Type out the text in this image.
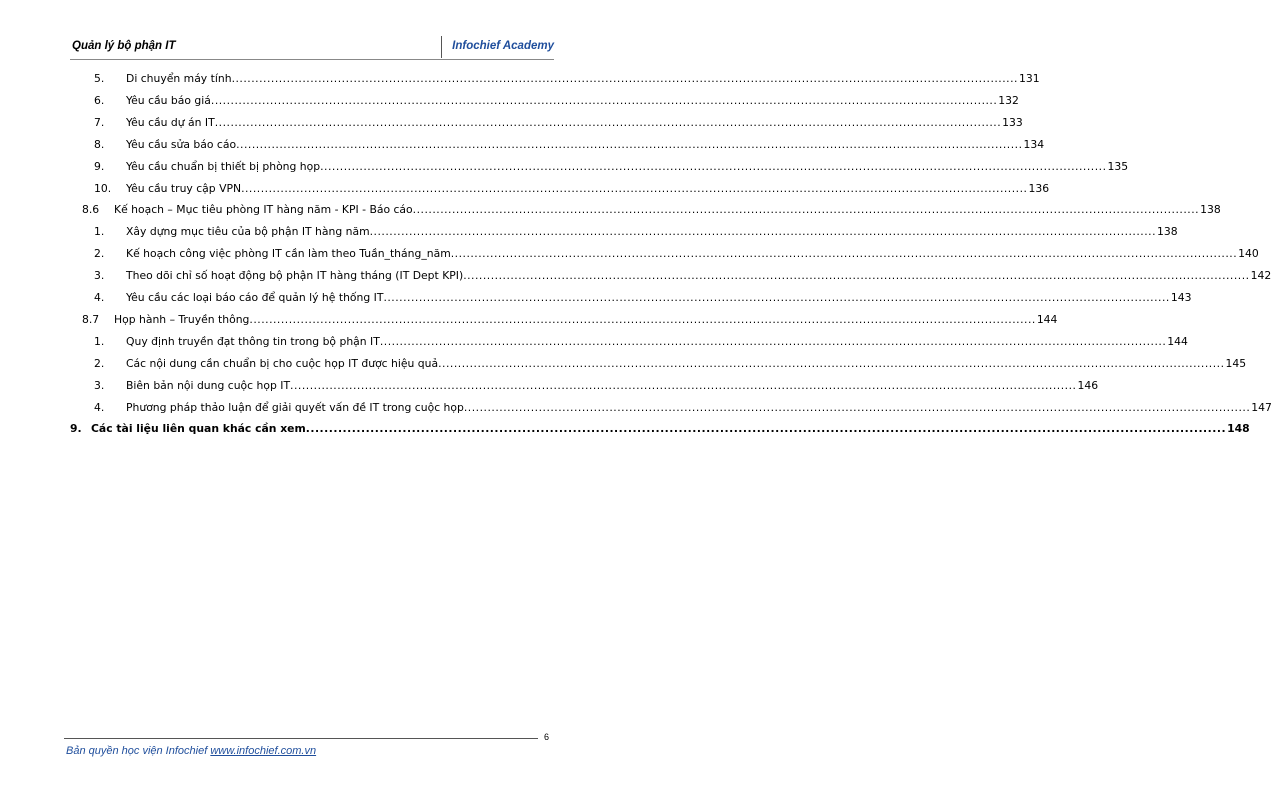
Quản lý bộ phận IT	Infochief Academy
5. Di chuyển máy tính ........................................................................................................................................................................................................ 131
6. Yêu cầu báo giá ........................................................................................................................................................................................................ 132
7. Yêu cầu dự án IT ........................................................................................................................................................................................................ 133
8. Yêu cầu sửa báo cáo ........................................................................................................................................................................................................ 134
9. Yêu cầu chuẩn bị thiết bị phòng họp ........................................................................................................................................................................................................ 135
10. Yêu cầu truy cập VPN ........................................................................................................................................................................................................ 136
8.6 Kế hoạch – Mục tiêu phòng IT hàng năm - KPI - Báo cáo ........................................................................................................................................................................................................ 138
1. Xây dựng mục tiêu của bộ phận IT hàng năm ........................................................................................................................................................................................................ 138
2. Kế hoạch công việc phòng IT cần làm theo Tuần_tháng_năm ........................................................................................................................................................................................................ 140
3. Theo dõi chỉ số hoạt động bộ phận IT hàng tháng (IT Dept KPI) ........................................................................................................................................................................................................ 142
4. Yêu cầu các loại báo cáo để quản lý hệ thống IT ........................................................................................................................................................................................................ 143
8.7 Họp hành – Truyền thông ........................................................................................................................................................................................................ 144
1. Quy định truyền đạt thông tin trong bộ phận IT ........................................................................................................................................................................................................ 144
2. Các nội dung cần chuẩn bị cho cuộc họp IT được hiệu quả ........................................................................................................................................................................................................ 145
3. Biên bản nội dung cuộc họp IT ........................................................................................................................................................................................................ 146
4. Phương pháp thảo luận để giải quyết vấn đề IT trong cuộc họp ........................................................................................................................................................................................................ 147
9. Các tài liệu liên quan khác cần xem ........................................................................................................................................................................................................ 148
6
Bản quyền học viện Infochief www.infochief.com.vn
